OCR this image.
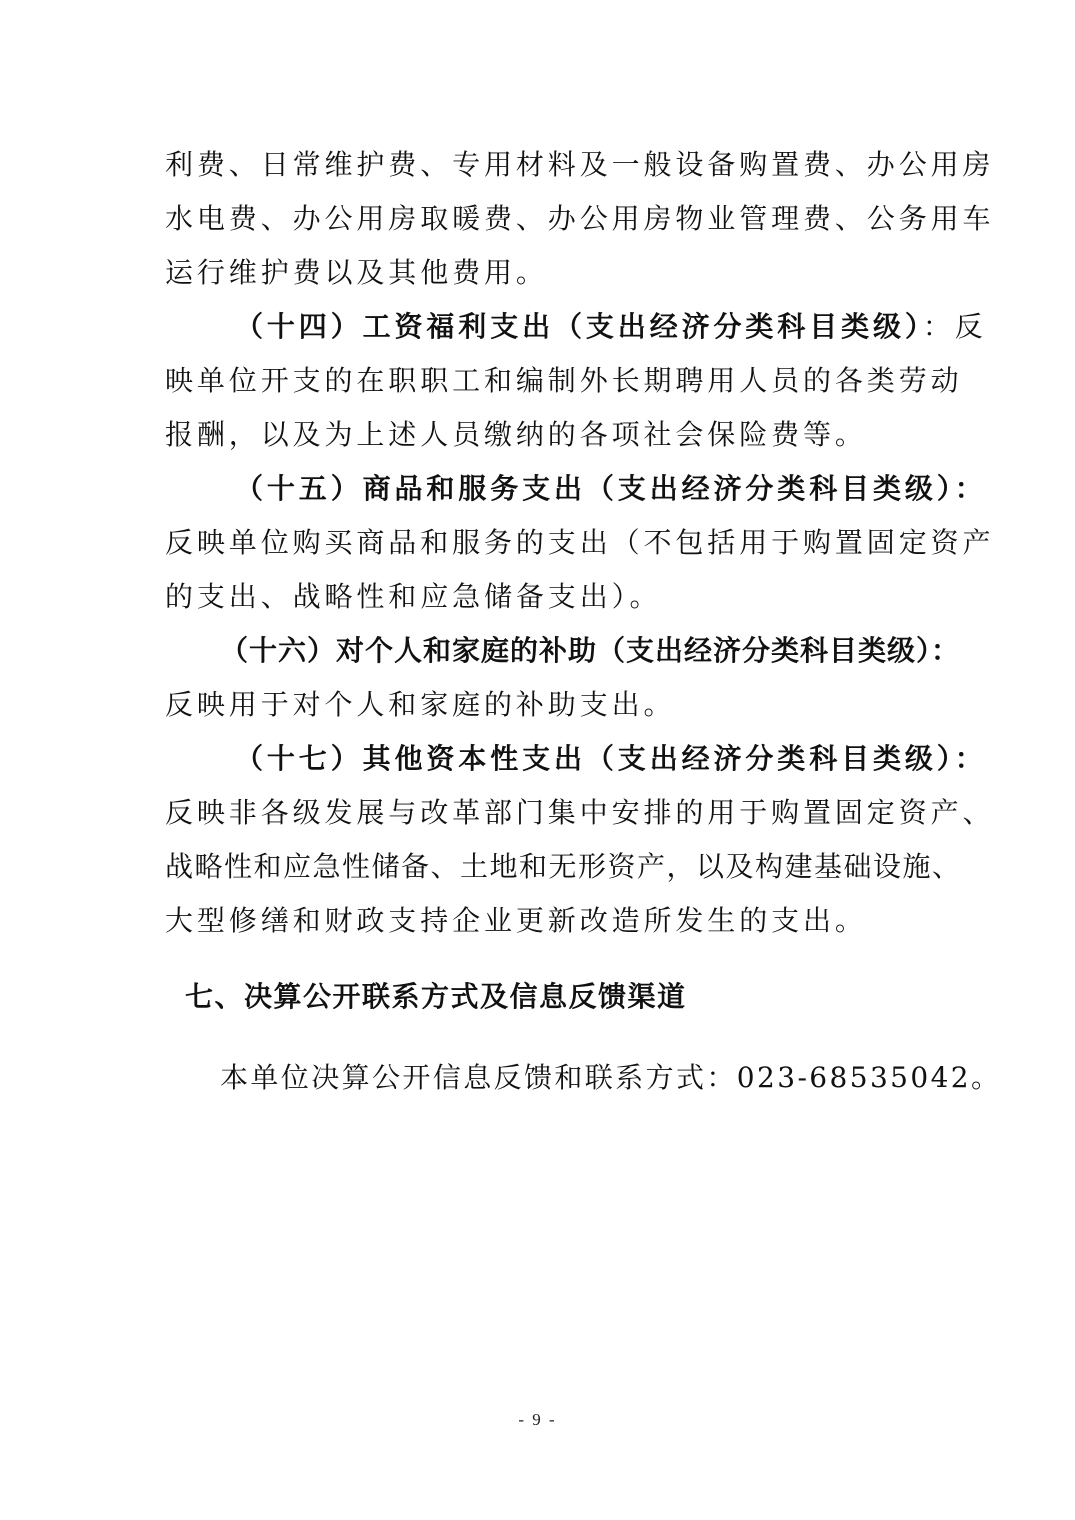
利费、日常维护费、专用材料及一般设备购置费、办公用房
水电费、办公用房取暖费、办公用房物业管理费、公务用车
运行维护费以及其他费用。
（十四）工资福利支出（支出经济分类科目类级）：反
映单位开支的在职职工和编制外长期聘用人员的各类劳动
报酬，以及为上述人员缴纳的各项社会保险费等。
（十五）商品和服务支出（支出经济分类科目类级）：
反映单位购买商品和服务的支出（不包括用于购置固定资产
的支出、战略性和应急储备支出）。
（十六）对个人和家庭的补助（支出经济分类科目类级）：
反映用于对个人和家庭的补助支出。
（十七）其他资本性支出（支出经济分类科目类级）：
反映非各级发展与改革部门集中安排的用于购置固定资产、
战略性和应急性储备、土地和无形资产，以及构建基础设施、
大型修缮和财政支持企业更新改造所发生的支出。
七、决算公开联系方式及信息反馈渠道
本单位决算公开信息反馈和联系方式：023-68535042。
- 9 -
